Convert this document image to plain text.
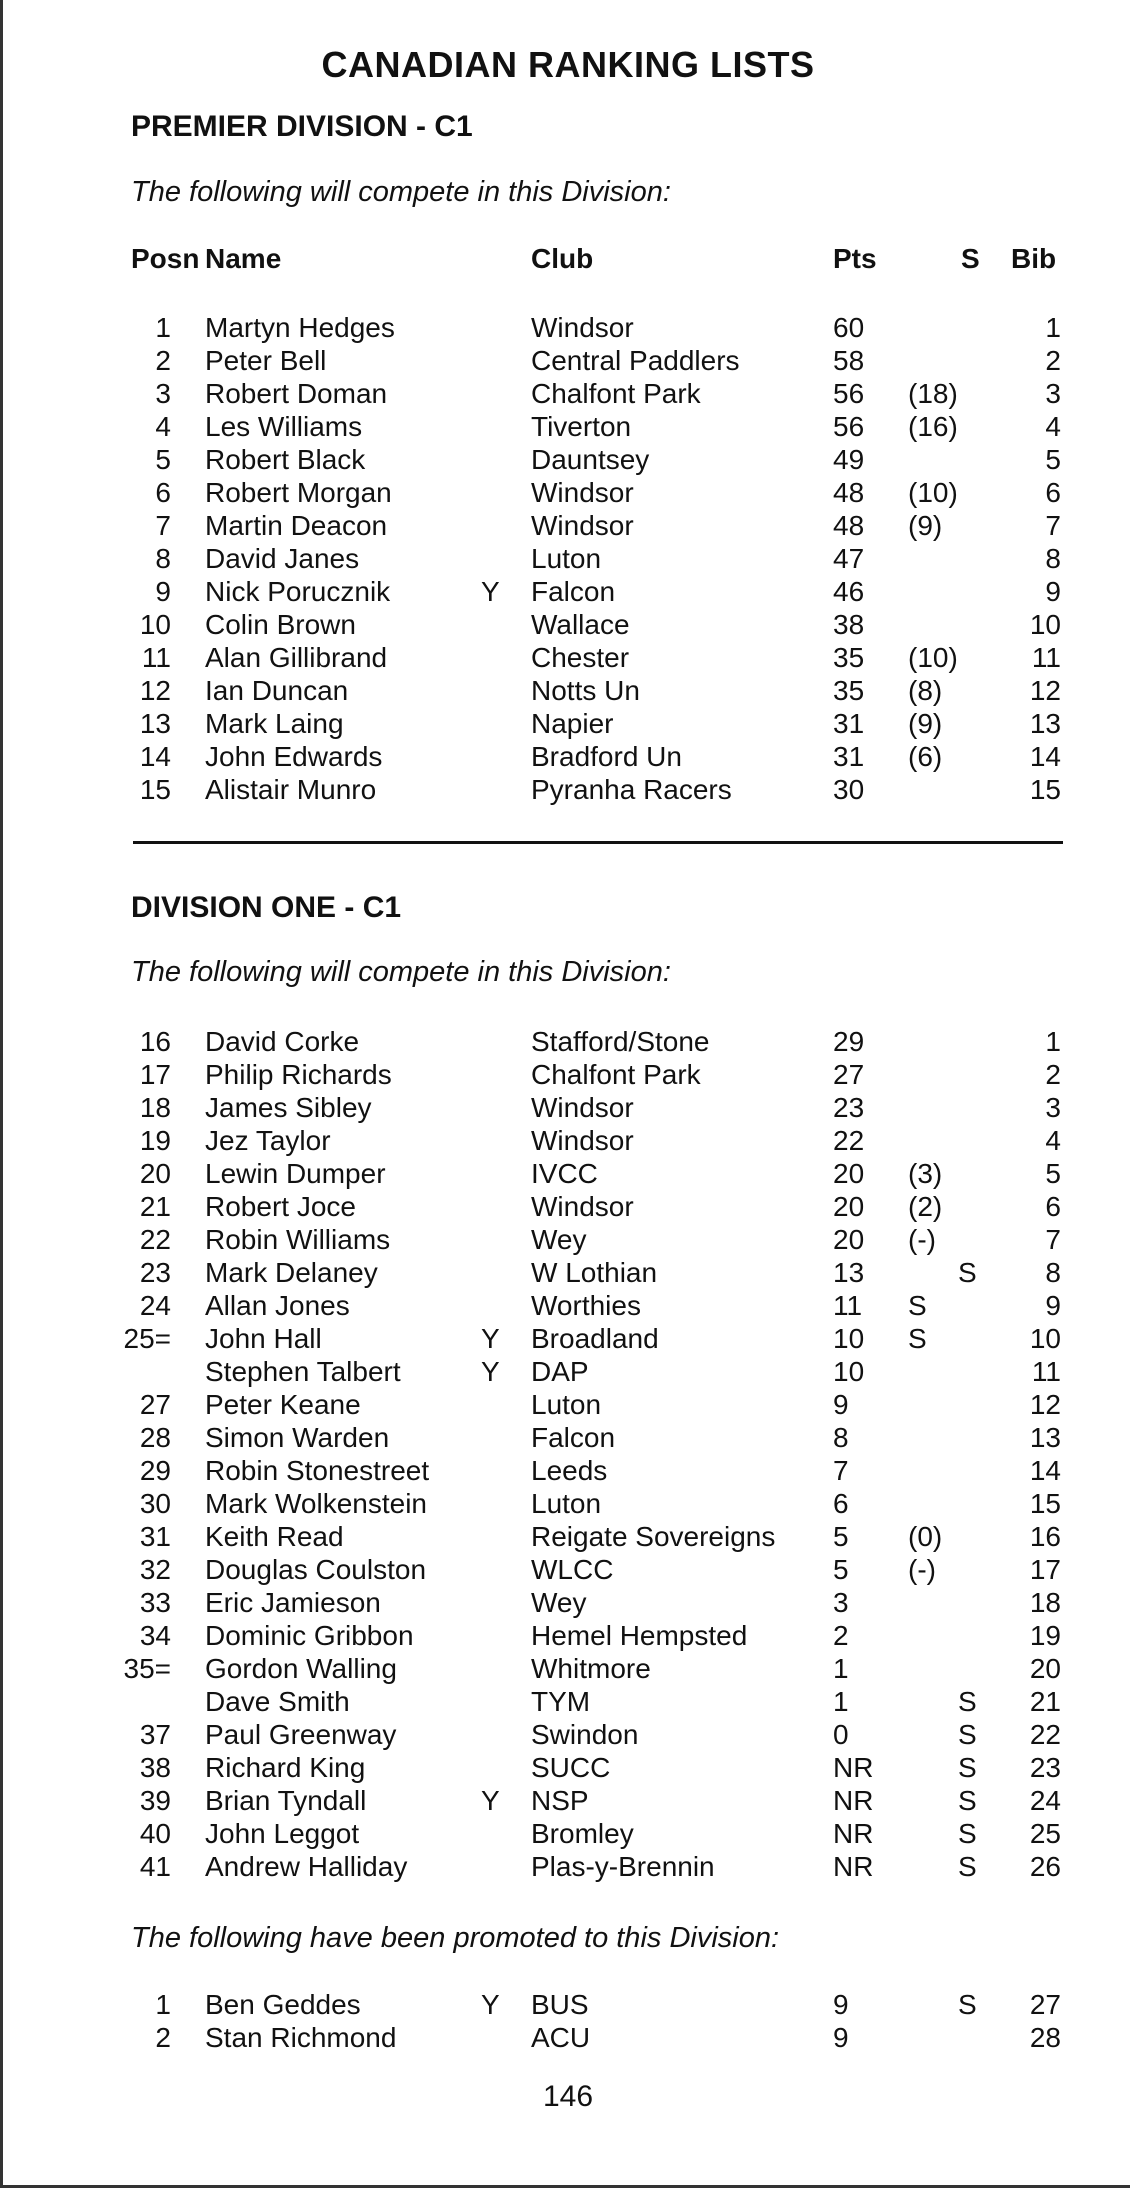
CANADIAN RANKING LISTS
PREMIER DIVISION - C1
The following will compete in this Division:
Posn Name	Club	Pts	S Bib
1 Martyn Hedges	Windsor	60	1
2 Peter Bell	Central Paddlers	58	2
3 Robert Doman	Chalfont Park	56 (18)	3
4 Les Williams	Tiverton	56 (16)	4
5 Robert Black	Dauntsey	49	5
6 Robert Morgan	Windsor	48 (10)	6
7 Martin Deacon	Windsor	48 (9)	7
8 David Janes	Luton	47	8
9 Nick Porucznik	Y Falcon	46	9
10 Colin Brown	Wallace	38	10
11 Alan Gillibrand	Chester	35 (10)	11
12 Ian Duncan	Notts Un	35 (8)	12
13 Mark Laing	Napier	31 (9)	13
14 John Edwards	Bradford Un	31 (6)	14
15 Alistair Munro	Pyranha Racers	30	15
DIVISION ONE - C1
The following will compete in this Division:
16 David Corke	Stafford/Stone	29	1
17 Philip Richards	Chalfont Park	27	2
18 James Sibley	Windsor	23	3
19 Jez Taylor	Windsor	22	4
20 Lewin Dumper	IVCC	20 (3)	5
21 Robert Joce	Windsor	20 (2)	6
22 Robin Williams	Wey	20 (-)	7
23 Mark Delaney	W Lothian	13	S	8
24 Allan Jones	Worthies	11 S	9
25= John Hall	Y Broadland	10 S	10
Stephen Talbert	Y DAP	10	11
27 Peter Keane	Luton	9	12
28 Simon Warden	Falcon	8	13
29 Robin Stonestreet	Leeds	7	14
30 Mark Wolkenstein	Luton	6	15
31 Keith Read	Reigate Sovereigns 5 (0)	16
32 Douglas Coulston	WLCC	5 (-)	17
33 Eric Jamieson	Wey	3	18
34 Dominic Gribbon	Hemel Hempsted	2	19
35= Gordon Walling	Whitmore	1	20
Dave Smith	TYM	1	S	21
37 Paul Greenway	Swindon	0	S	22
38 Richard King	SUCC	NR	S	23
39 Brian Tyndall	Y NSP	NR	S	24
40 John Leggot	Bromley	NR	S	25
41 Andrew Halliday	Plas-y-Brennin	NR	S	26
The following have been promoted to this Division:
1 Ben Geddes	Y BUS	9	S	27
2 Stan Richmond	ACU	9	28
146
